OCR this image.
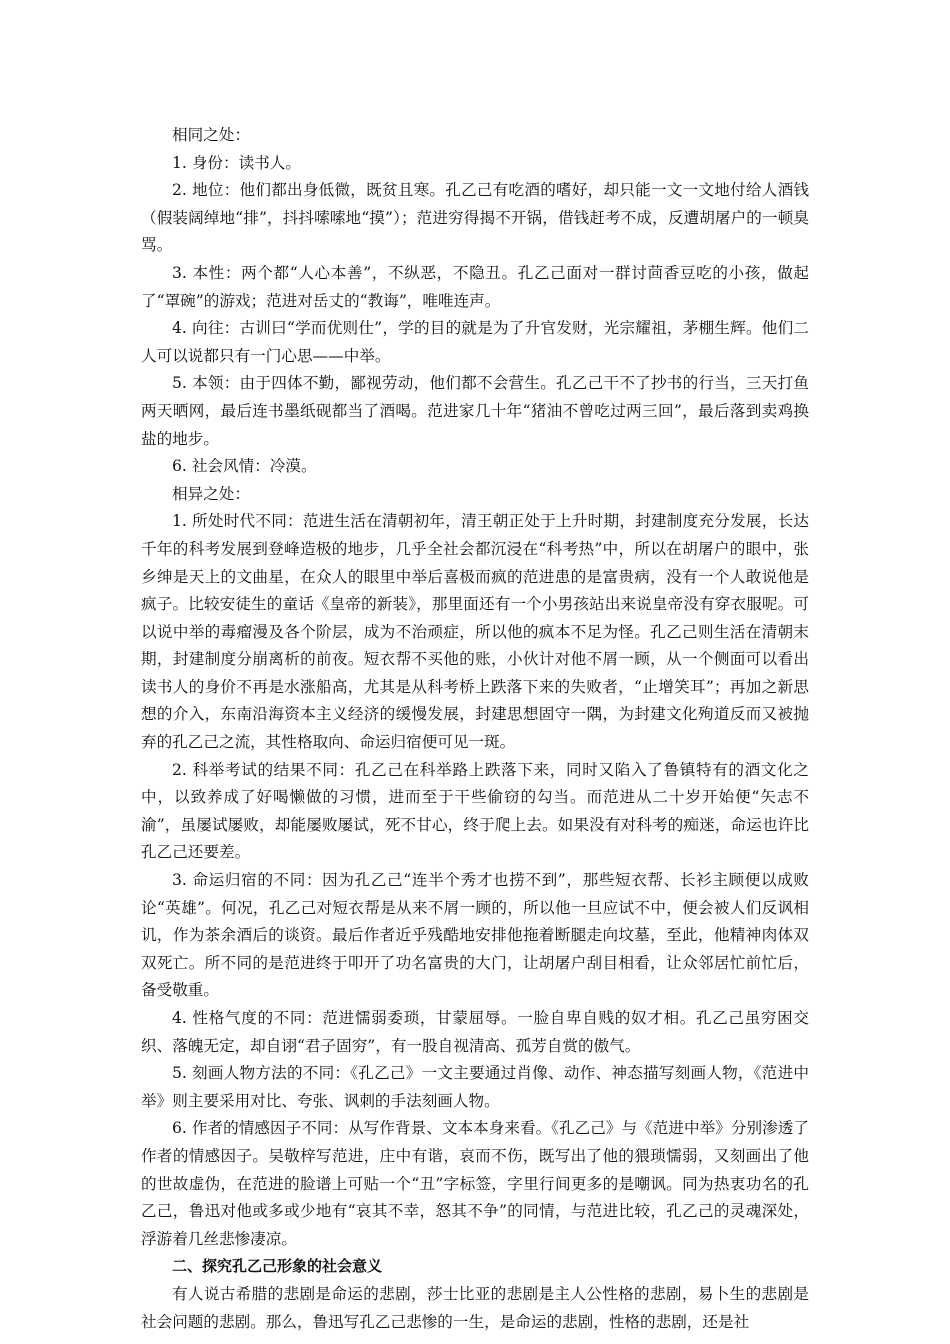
相同之处：

1. 身份：读书人。

2. 地位：他们都出身低微，既贫且寒。孔乙己有吃酒的嗜好，却只能一文一文地付给人酒钱（假装阔绰地“排”，抖抖嗦嗦地“摸”）；范进穷得揭不开锅，借钱赶考不成，反遭胡屠户的一顿臭骂。

3. 本性：两个都“人心本善”，不纵恶，不隐丑。孔乙己面对一群讨茴香豆吃的小孩，做起了“罩碗”的游戏；范进对岳丈的“教诲”，唯唯连声。

4. 向往：古训曰“学而优则仕”，学的目的就是为了升官发财，光宗耀祖，茅棚生辉。他们二人可以说都只有一门心思——中举。

5. 本领：由于四体不勤，鄙视劳动，他们都不会营生。孔乙己干不了抄书的行当，三天打鱼两天晒网，最后连书墨纸砚都当了酒喝。范进家几十年“猪油不曾吃过两三回”，最后落到卖鸡换盐的地步。

6. 社会风情：冷漠。

相异之处：

1. 所处时代不同：范进生活在清朝初年，清王朝正处于上升时期，封建制度充分发展，长达千年的科考发展到登峰造极的地步，几乎全社会都沉浸在“科考热”中，所以在胡屠户的眼中，张乡绅是天上的文曲星，在众人的眼里中举后喜极而疯的范进患的是富贵病，没有一个人敢说他是疯子。比较安徒生的童话《皇帝的新装》，那里面还有一个小男孩站出来说皇帝没有穿衣服呢。可以说中举的毒瘤漫及各个阶层，成为不治顽症，所以他的疯本不足为怪。孔乙己则生活在清朝末期，封建制度分崩离析的前夜。短衣帮不买他的账，小伙计对他不屑一顾，从一个侧面可以看出读书人的身价不再是水涨船高，尤其是从科考桥上跌落下来的失败者，“止增笑耳”；再加之新思想的介入，东南沿海资本主义经济的缓慢发展，封建思想固守一隅，为封建文化殉道反而又被抛弃的孔乙己之流，其性格取向、命运归宿便可见一斑。

2. 科举考试的结果不同：孔乙己在科举路上跌落下来，同时又陷入了鲁镇特有的酒文化之中，以致养成了好喝懒做的习惯，进而至于干些偷窃的勾当。而范进从二十岁开始便“矢志不渝”，虽屡试屡败，却能屡败屡试，死不甘心，终于爬上去。如果没有对科考的痴迷，命运也许比孔乙己还要差。

3. 命运归宿的不同：因为孔乙己“连半个秀才也捞不到”，那些短衣帮、长衫主顾便以成败论“英雄”。何况，孔乙己对短衣帮是从来不屑一顾的，所以他一旦应试不中，便会被人们反讽相讥，作为茶余酒后的谈资。最后作者近乎残酷地安排他拖着断腿走向坟墓，至此，他精神肉体双双死亡。所不同的是范进终于叩开了功名富贵的大门，让胡屠户刮目相看，让众邻居忙前忙后，备受敬重。

4. 性格气度的不同：范进懦弱委琐，甘蒙屈辱。一脸自卑自贱的奴才相。孔乙己虽穷困交织、落魄无定，却自诩“君子固穷”，有一股自视清高、孤芳自赏的傲气。

5. 刻画人物方法的不同：《孔乙己》一文主要通过肖像、动作、神态描写刻画人物，《范进中举》则主要采用对比、夸张、讽刺的手法刻画人物。

6. 作者的情感因子不同：从写作背景、文本本身来看。《孔乙己》与《范进中举》分别渗透了作者的情感因子。吴敬梓写范进，庄中有谐，哀而不伤，既写出了他的猥琐懦弱，又刻画出了他的世故虚伪，在范进的脸谱上可贴一个“丑”字标签，字里行间更多的是嘲讽。同为热衷功名的孔乙己，鲁迅对他或多或少地有“哀其不幸，怒其不争”的同情，与范进比较，孔乙己的灵魂深处，浮游着几丝悲惨凄凉。

二、探究孔乙己形象的社会意义

有人说古希腊的悲剧是命运的悲剧，莎士比亚的悲剧是主人公性格的悲剧，易卜生的悲剧是社会问题的悲剧。那么，鲁迅写孔乙己悲惨的一生，是命运的悲剧，性格的悲剧，还是社
